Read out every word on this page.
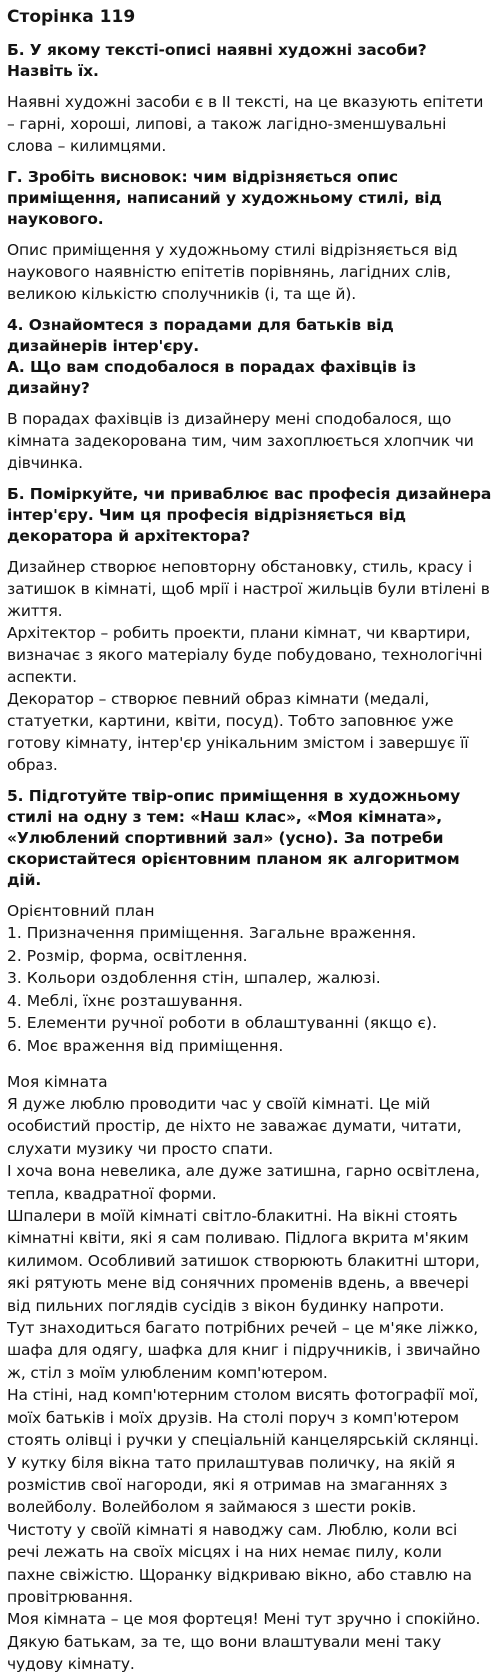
Сторінка 119
Б. У якому тексті-описі наявні художні засоби? Назвіть їх.
Наявні художні засоби є в II тексті, на це вказують епітети – гарні, хороші, липові, а також лагідно-зменшувальні слова – килимцями.
Г. Зробіть висновок: чим відрізняється опис приміщення, написаний у художньому стилі, від наукового.
Опис приміщення у художньому стилі відрізняється від наукового наявністю епітетів порівнянь, лагідних слів, великою кількістю сполучників (і, та ще й).
4. Ознайомтеся з порадами для батьків від дизайнерів інтер'єру.
А. Що вам сподобалося в порадах фахівців із дизайну?
В порадах фахівців із дизайнеру мені сподобалося, що кімната задекорована тим, чим захоплюється хлопчик чи дівчинка.
Б. Поміркуйте, чи приваблює вас професія дизайнера інтер'єру. Чим ця професія відрізняється від декоратора й архітектора?

Дизайнер створює неповторну обстановку, стиль, красу і затишок в кімнаті, щоб мрії і настрої жильців були втілені в життя.

Архітектор – робить проекти, плани кімнат, чи квартири, визначає з якого матеріалу буде побудовано, технологічні аспекти.

Декоратор – створює певний образ кімнати (медалі, статуетки, картини, квіти, посуд). Тобто заповнює уже готову кімнату, інтер'єр унікальним змістом і завершує її образ.

5. Підготуйте твір-опис приміщення в художньому стилі на одну з тем: «Наш клас», «Моя кімната», «Улюблений спортивний зал» (усно). За потреби скористайтеся орієнтовним планом як алгоритмом дій.
Орієнтовний план
1. Призначення приміщення. Загальне враження.
2. Розмір, форма, освітлення.
3. Кольори оздоблення стін, шпалер, жалюзі.
4. Меблі, їхнє розташування.
5. Елементи ручної роботи в облаштуванні (якщо є).
6. Моє враження від приміщення.
Моя кімната

Я дуже люблю проводити час у своїй кімнаті. Це мій особистий простір, де ніхто не заважає думати, читати, слухати музику чи просто спати.

І хоча вона невелика, але дуже затишна, гарно освітлена, тепла, квадратної форми.

Шпалери в моїй кімнаті світло-блакитні. На вікні стоять кімнатні квіти, які я сам поливаю. Підлога вкрита м'яким килимом. Особливий затишок створюють блакитні штори, які рятують мене від сонячних променів вдень, а ввечері від пильних поглядів сусідів з вікон будинку напроти.

Тут знаходиться багато потрібних речей – це м'яке ліжко, шафа для одягу, шафка для книг і підручників, і звичайно ж, стіл з моїм улюбленим комп'ютером.

На стіні, над комп'ютерним столом висять фотографії мої, моїх батьків і моїх друзів. На столі поруч з комп'ютером стоять олівці і ручки у спеціальній канцелярській склянці.

У кутку біля вікна тато прилаштував поличку, на якій я розмістив свої нагороди, які я отримав на змаганнях з волейболу. Волейболом я займаюся з шести років.

Чистоту у своїй кімнаті я наводжу сам. Люблю, коли всі речі лежать на своїх місцях і на них немає пилу, коли пахне свіжістю. Щоранку відкриваю вікно, або ставлю на провітрювання.

Моя кімната – це моя фортеця! Мені тут зручно і спокійно. Дякую батькам, за те, що вони влаштували мені таку чудову кімнату.
